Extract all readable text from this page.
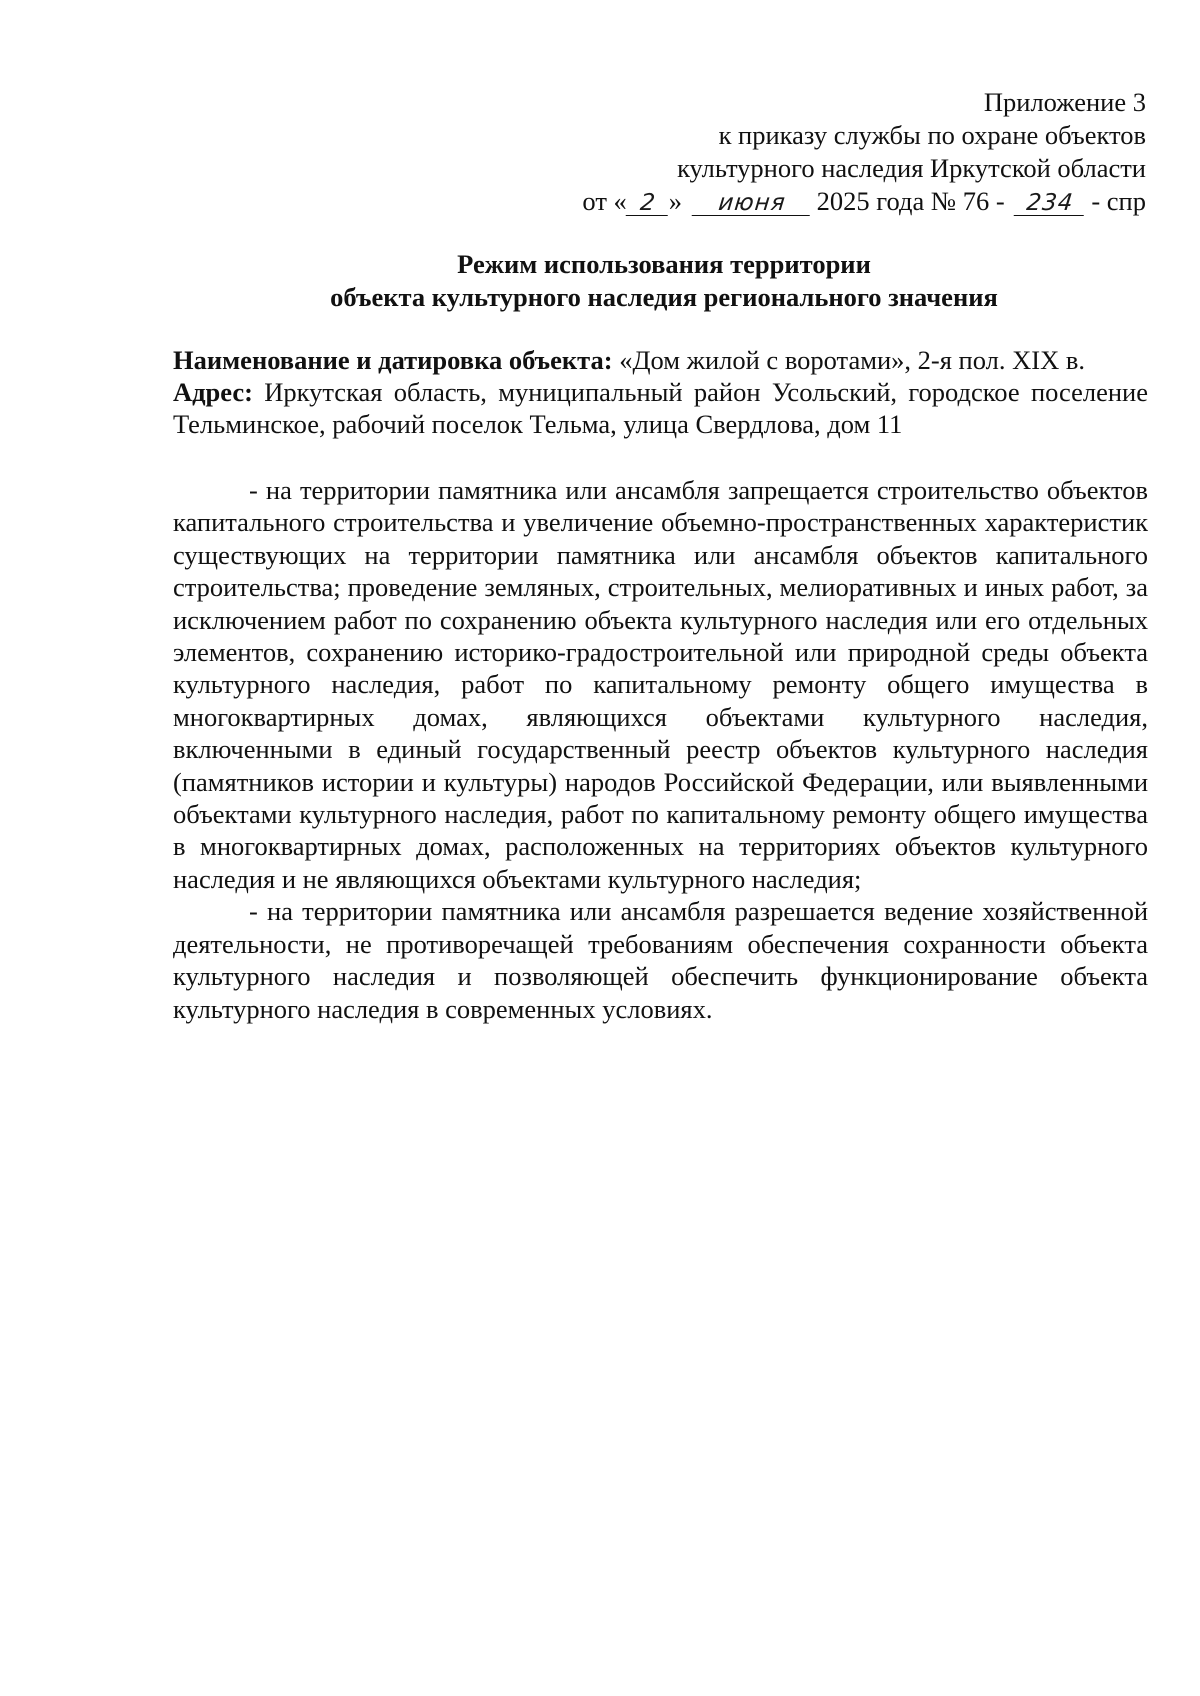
Приложение 3
к приказу службы по охране объектов
культурного наследия Иркутской области
от « 2 » июня 2025 года № 76 - 234 - спр
Режим использования территории
объекта культурного наследия регионального значения

Наименование и датировка объекта: «Дом жилой с воротами», 2-я пол. XIX в.

Адрес: Иркутская область, муниципальный район Усольский, городское поселение Тельминское, рабочий поселок Тельма, улица Свердлова, дом 11

- на территории памятника или ансамбля запрещается строительство объектов капитального строительства и увеличение объемно-пространственных характеристик существующих на территории памятника или ансамбля объектов капитального строительства; проведение земляных, строительных, мелиоративных и иных работ, за исключением работ по сохранению объекта культурного наследия или его отдельных элементов, сохранению историко-градостроительной или природной среды объекта культурного наследия, работ по капитальному ремонту общего имущества в многоквартирных домах, являющихся объектами культурного наследия, включенными в единый государственный реестр объектов культурного наследия (памятников истории и культуры) народов Российской Федерации, или выявленными объектами культурного наследия, работ по капитальному ремонту общего имущества в многоквартирных домах, расположенных на территориях объектов культурного наследия и не являющихся объектами культурного наследия;

- на территории памятника или ансамбля разрешается ведение хозяйственной деятельности, не противоречащей требованиям обеспечения сохранности объекта культурного наследия и позволяющей обеспечить функционирование объекта культурного наследия в современных условиях.
